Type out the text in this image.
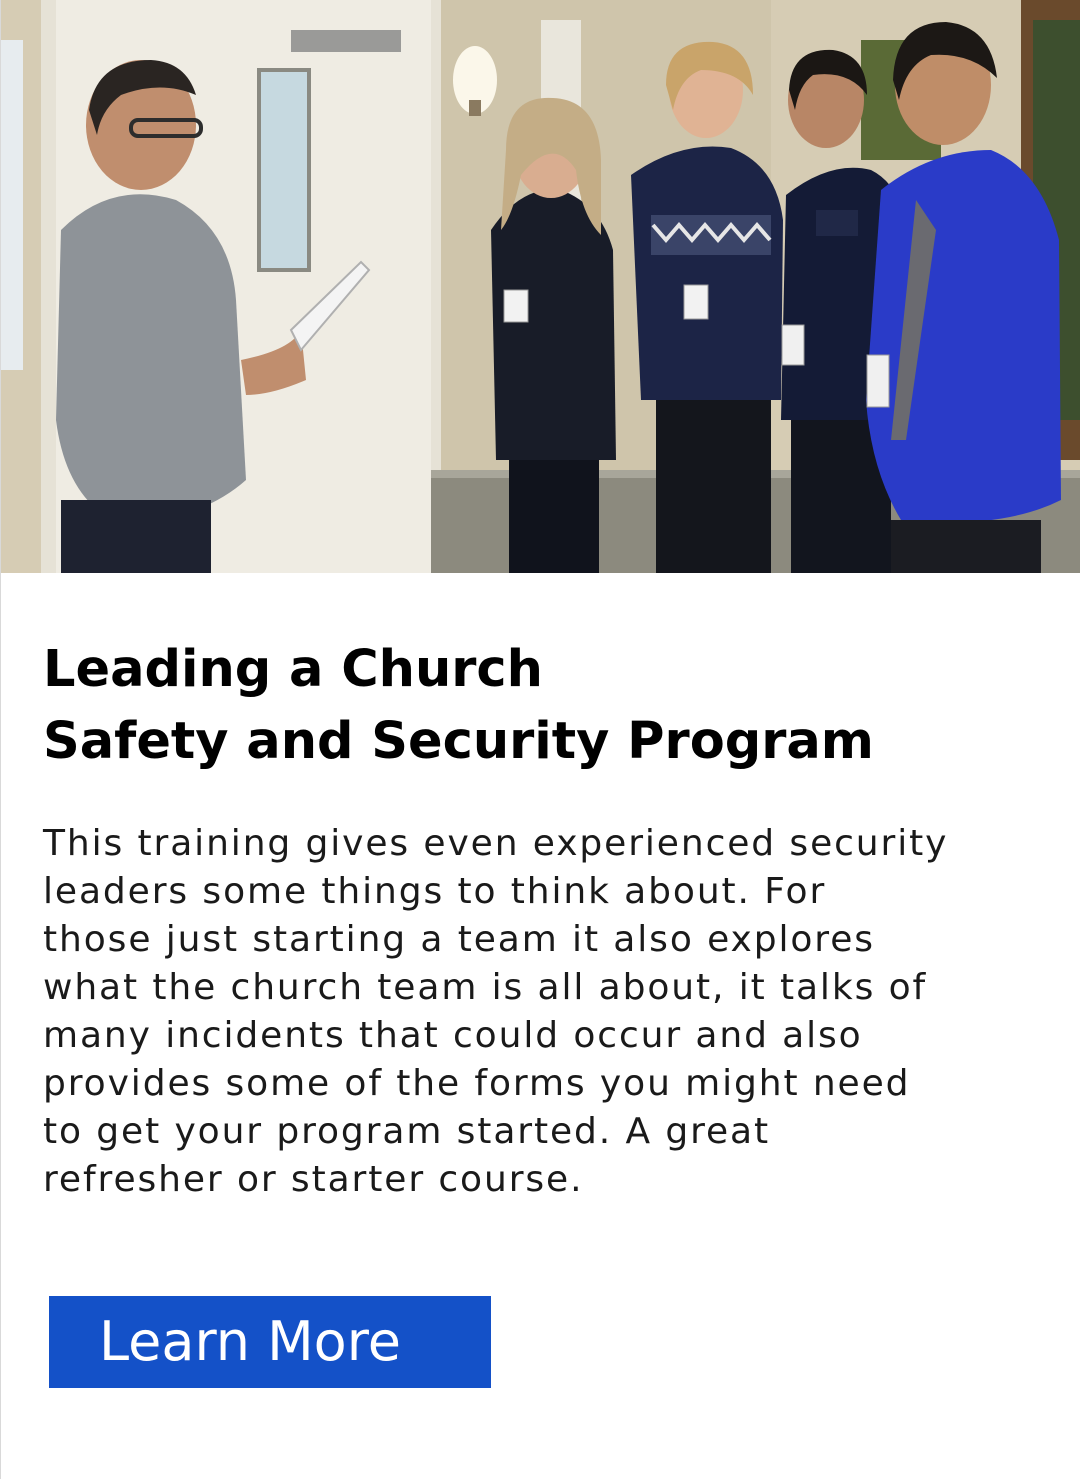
Leading a Church
Safety and Security Program

This training gives even experienced security
leaders some things to think about. For
those just starting a team it also explores
what the church team is all about, it talks of
many incidents that could occur and also
provides some of the forms you might need
to get your program started. A great
refresher or starter course.

Learn More
